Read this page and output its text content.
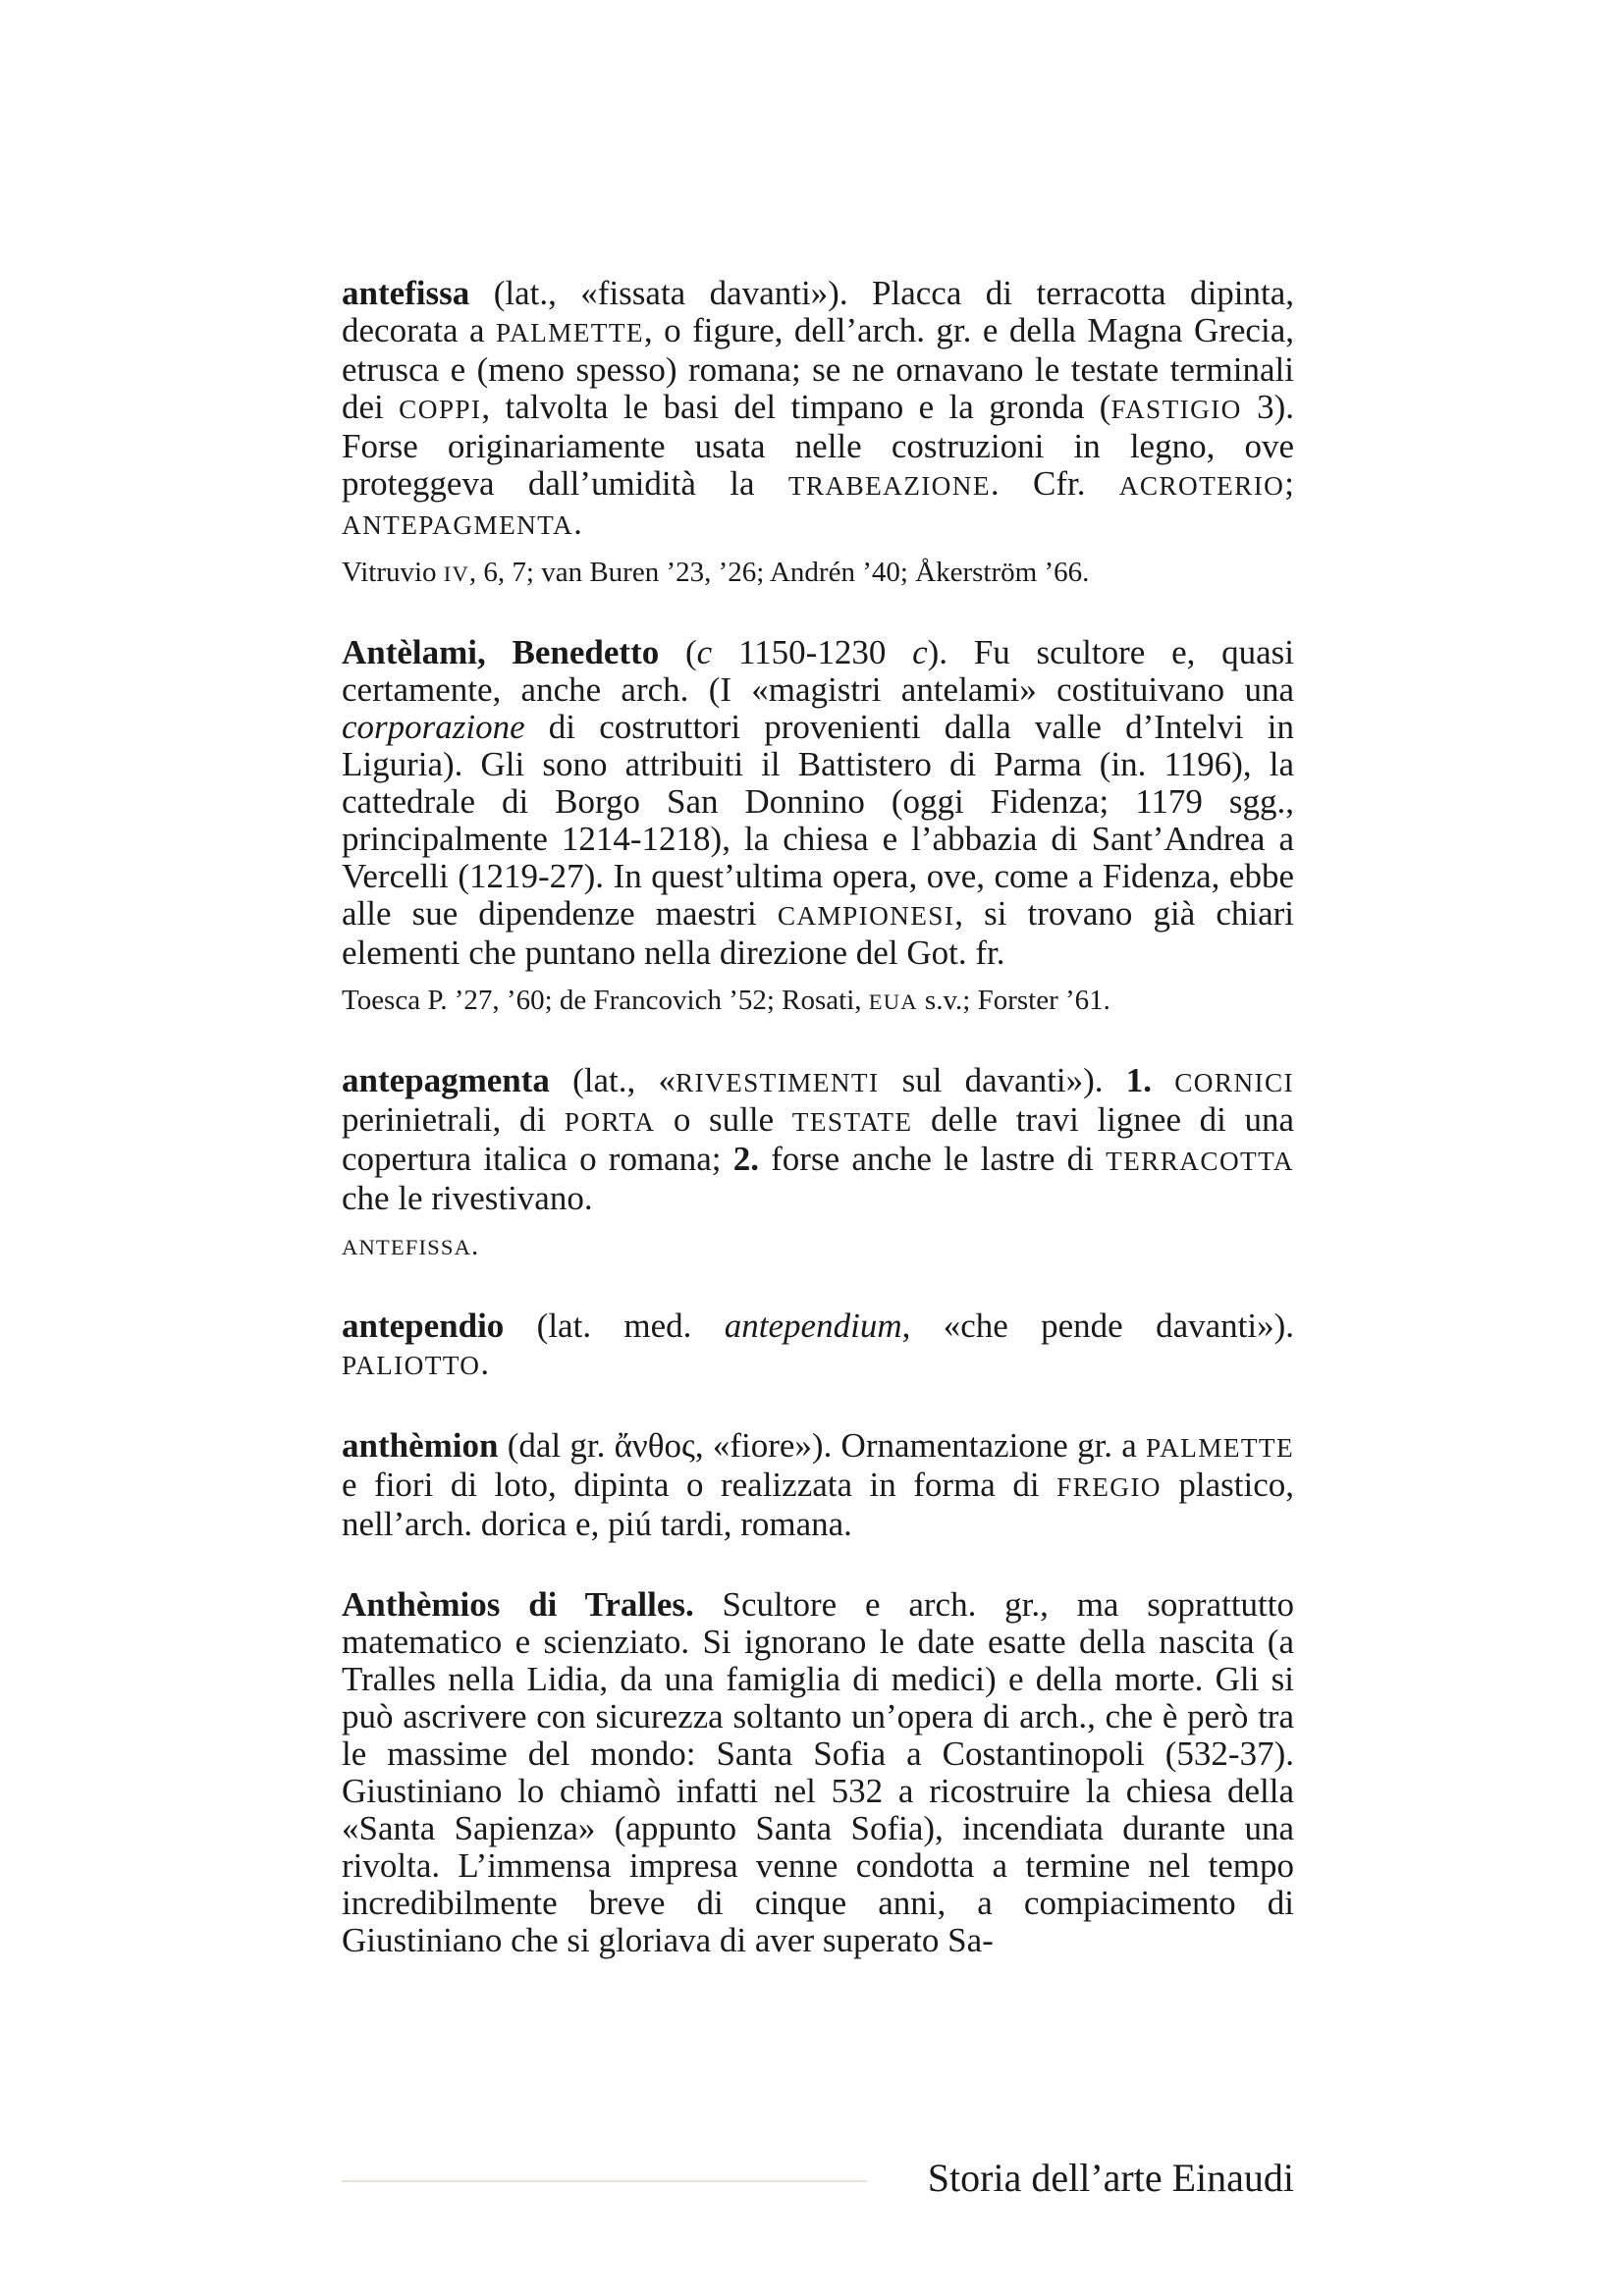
antefissa (lat., «fissata davanti»). Placca di terracotta dipinta, decorata a PALMETTE, o figure, dell’arch. gr. e della Magna Grecia, etrusca e (meno spesso) romana; se ne ornavano le testate terminali dei COPPI, talvolta le basi del timpano e la gronda (FASTIGIO 3). Forse originariamente usata nelle costruzioni in legno, ove proteggeva dall’umidità la TRABEAZIONE. Cfr. ACROTERIO; ANTEPAGMENTA.

Vitruvio IV, 6, 7; van Buren ’23, ’26; Andrén ’40; Åkerström ’66.

Antèlami, Benedetto (c 1150-1230 c). Fu scultore e, quasi certamente, anche arch. (I «magistri antelami» costituivano una corporazione di costruttori provenienti dalla valle d’Intelvi in Liguria). Gli sono attribuiti il Battistero di Parma (in. 1196), la cattedrale di Borgo San Donnino (oggi Fidenza; 1179 sgg., principalmente 1214-1218), la chiesa e l’abbazia di Sant’Andrea a Vercelli (1219-27). In quest’ultima opera, ove, come a Fidenza, ebbe alle sue dipendenze maestri CAMPIONESI, si trovano già chiari elementi che puntano nella direzione del Got. fr.

Toesca P. ’27, ’60; de Francovich ’52; Rosati, EUA s.v.; Forster ’61.

antepagmenta (lat., «RIVESTIMENTI sul davanti»). 1. CORNICI perinietrali, di PORTA o sulle TESTATE delle travi lignee di una copertura italica o romana; 2. forse anche le lastre di TERRACOTTA che le rivestivano.

ANTEFISSA.

antependio (lat. med. antependium, «che pende davanti»). PALIOTTO.

anthèmion (dal gr. ἄνθος, «fiore»). Ornamentazione gr. a PALMETTE e fiori di loto, dipinta o realizzata in forma di FREGIO plastico, nell’arch. dorica e, piú tardi, romana.

Anthèmios di Tralles. Scultore e arch. gr., ma soprattutto matematico e scienziato. Si ignorano le date esatte della nascita (a Tralles nella Lidia, da una famiglia di medici) e della morte. Gli si può ascrivere con sicurezza soltanto un’opera di arch., che è però tra le massime del mondo: Santa Sofia a Costantinopoli (532-37). Giustiniano lo chiamò infatti nel 532 a ricostruire la chiesa della «Santa Sapienza» (appunto Santa Sofia), incendiata durante una rivolta. L’immensa impresa venne condotta a termine nel tempo incredibilmente breve di cinque anni, a compiacimento di Giustiniano che si gloriava di aver superato Sa-

Storia dell’arte Einaudi
